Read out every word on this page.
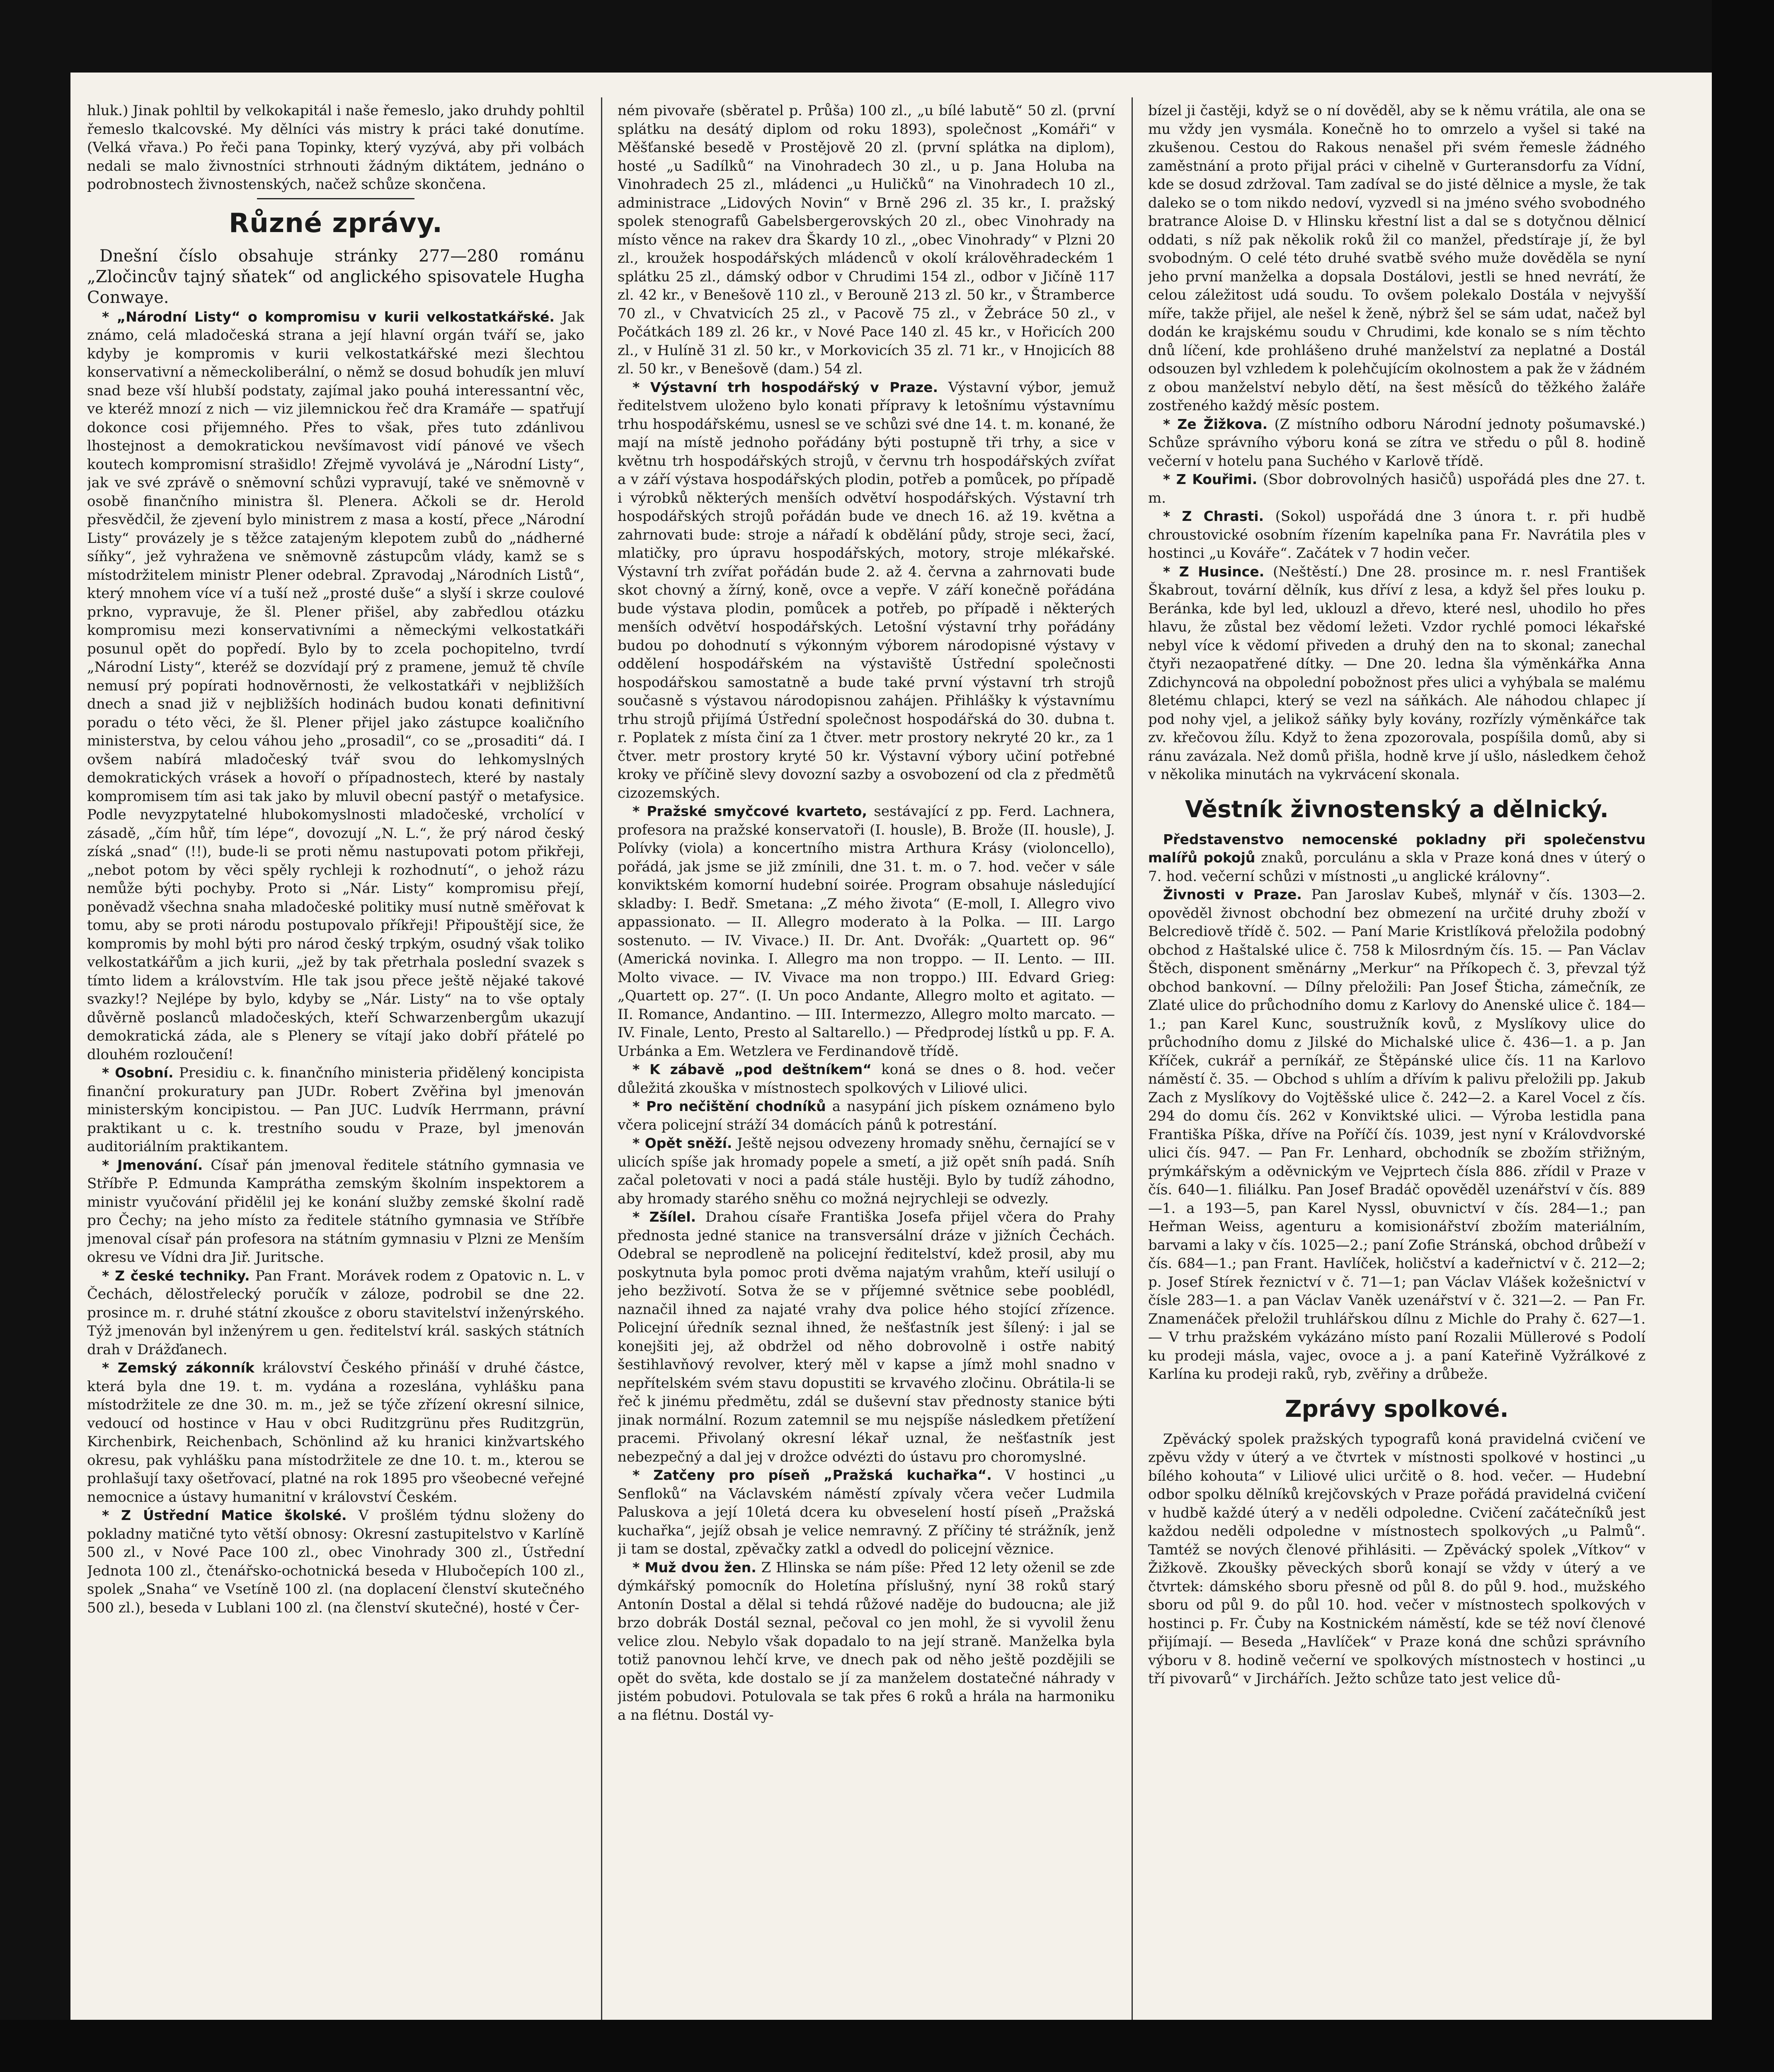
hluk.) Jinak pohltil by velkokapitál i naše řemeslo, jako druhdy pohltil řemeslo tkalcovské. My dělníci vás mistry k práci také donutíme. (Velká vřava.) Po řeči pana Topinky, který vyzývá, aby při volbách nedali se malo živnostníci strhnouti žádným diktátem, jednáno o podrobnostech živnostenských, načež schůze skončena.

Různé zprávy.

Dnešní číslo obsahuje stránky 277—280 románu „Zločincův tajný sňatek“ od anglického spisovatele Hugha Conwaye.

* „Národní Listy“ o kompromisu v kurii velkostatkářské. Jak známo, celá mladočeská strana a její hlavní orgán tváří se, jako kdyby je kompromis v kurii velkostatkářské mezi šlechtou konservativní a německoliberální, o němž se dosud bohudík jen mluví snad beze vší hlubší podstaty, zajímal jako pouhá interessantní věc, ve kteréž mnozí z nich — viz jilemnickou řeč dra Kramáře — spatřují dokonce cosi přijemného. Přes to však, přes tuto zdánlivou lhostejnost a demokratickou nevšímavost vidí pánové ve všech koutech kompromisní strašidlo! Zřejmě vyvolává je „Národní Listy“, jak ve své zprávě o sněmovní schůzi vypravují, také ve sněmovně v osobě finančního ministra šl. Plenera. Ačkoli se dr. Herold přesvědčil, že zjevení bylo ministrem z masa a kostí, přece „Národní Listy“ provázely je s těžce zatajeným klepotem zubů do „nádherné síňky“, jež vyhražena ve sněmovně zástupcům vlády, kamž se s místodržitelem ministr Plener odebral. Zpravodaj „Národních Listů“, který mnohem více ví a tuší než „prosté duše“ a slyší i skrze coulové prkno, vypravuje, že šl. Plener přišel, aby zabředlou otázku kompromisu mezi konservativními a německými velkostatkáři posunul opět do popředí. Bylo by to zcela pochopitelno, tvrdí „Národní Listy“, kteréž se dozvídají prý z pramene, jemuž tě chvíle nemusí prý popírati hodnověrnosti, že velkostatkáři v nejbližších dnech a snad již v nejbližších hodinách budou konati definitivní poradu o této věci, že šl. Plener přijel jako zástupce koaličního ministerstva, by celou váhou jeho „prosadil“, co se „prosaditi“ dá. I ovšem nabírá mladočeský tvář svou do lehkomyslných demokratických vrásek a hovoří o případnostech, které by nastaly kompromisem tím asi tak jako by mluvil obecní pastýř o metafysice. Podle nevyzpytatelné hlubokomyslnosti mladočeské, vrcholící v zásadě, „čím hůř, tím lépe“, dovozují „N. L.“, že prý národ český získá „snad“ (!!), bude-li se proti němu nastupovati potom přikřeji, „nebot potom by věci spěly rychleji k rozhodnutí“, o jehož rázu nemůže býti pochyby. Proto si „Nár. Listy“ kompromisu přejí, poněvadž všechna snaha mladočeské politiky musí nutně směřovat k tomu, aby se proti národu postupovalo příkřeji! Připouštějí sice, že kompromis by mohl býti pro národ český trpkým, osudný však toliko velkostatkářům a jich kurii, „jež by tak přetrhala poslední svazek s tímto lidem a královstvím. Hle tak jsou přece ještě nějaké takové svazky!? Nejlépe by bylo, kdyby se „Nár. Listy“ na to vše optaly důvěrně poslanců mladočeských, kteří Schwarzenbergům ukazují demokratická záda, ale s Plenery se vítají jako dobří přátelé po dlouhém rozloučení!

* Osobní. Presidiu c. k. finančního ministeria přidělený koncipista finanční prokuratury pan JUDr. Robert Zvěřina byl jmenován ministerským koncipistou. — Pan JUC. Ludvík Herrmann, právní praktikant u c. k. trestního soudu v Praze, byl jmenován auditoriálním praktikantem.

* Jmenování. Císař pán jmenoval ředitele státního gymnasia ve Stříbře P. Edmunda Kamprátha zemským školním inspektorem a ministr vyučování přidělil jej ke konání služby zemské školní radě pro Čechy; na jeho místo za ředitele státního gymnasia ve Stříbře jmenoval císař pán profesora na státním gymnasiu v Plzni ze Menším okresu ve Vídni dra Jiř. Juritsche.

* Z české techniky. Pan Frant. Morávek rodem z Opatovic n. L. v Čechách, dělostřelecký poručík v záloze, podrobil se dne 22. prosince m. r. druhé státní zkoušce z oboru stavitelství inženýrského. Týž jmenován byl inženýrem u gen. ředitelství král. saských státních drah v Drážďanech.

* Zemský zákonník království Českého přináší v druhé částce, která byla dne 19. t. m. vydána a rozeslána, vyhlášku pana místodržitele ze dne 30. m. m., jež se týče zřízení okresní silnice, vedoucí od hostince v Hau v obci Ruditzgrünu přes Ruditzgrün, Kirchenbirk, Reichenbach, Schönlind až ku hranici kinžvartského okresu, pak vyhlášku pana místodržitele ze dne 10. t. m., kterou se prohlašují taxy ošetřovací, platné na rok 1895 pro všeobecné veřejné nemocnice a ústavy humanitní v království Českém.

* Z Ústřední Matice školské. V prošlém týdnu složeny do pokladny matičné tyto větší obnosy: Okresní zastupitelstvo v Karlíně 500 zl., v Nové Pace 100 zl., obec Vinohrady 300 zl., Ústřední Jednota 100 zl., čtenářsko-ochotnická beseda v Hlubočepích 100 zl., spolek „Snaha“ ve Vsetíně 100 zl. (na doplacení členství skutečného 500 zl.), beseda v Lublani 100 zl. (na členství skutečné), hosté v Čer-

ném pivovaře (sběratel p. Průša) 100 zl., „u bílé labutě“ 50 zl. (první splátku na desátý diplom od roku 1893), společnost „Komáři“ v Měšťanské besedě v Prostějově 20 zl. (první splátka na diplom), hosté „u Sadílků“ na Vinohradech 30 zl., u p. Jana Holuba na Vinohradech 25 zl., mládenci „u Huličků“ na Vinohradech 10 zl., administrace „Lidových Novin“ v Brně 296 zl. 35 kr., I. pražský spolek stenografů Gabelsbergerovských 20 zl., obec Vinohrady na místo věnce na rakev dra Škardy 10 zl., „obec Vinohrady“ v Plzni 20 zl., kroužek hospodářských mládenců v okolí králověhradeckém 1 splátku 25 zl., dámský odbor v Chrudimi 154 zl., odbor v Jičíně 117 zl. 42 kr., v Benešově 110 zl., v Berouně 213 zl. 50 kr., v Štramberce 70 zl., v Chvatvicích 25 zl., v Pacově 75 zl., v Žebráce 50 zl., v Počátkách 189 zl. 26 kr., v Nové Pace 140 zl. 45 kr., v Hořicích 200 zl., v Hulíně 31 zl. 50 kr., v Morkovicích 35 zl. 71 kr., v Hnojicích 88 zl. 50 kr., v Benešově (dam.) 54 zl.

* Výstavní trh hospodářský v Praze. Výstavní výbor, jemuž ředitelstvem uloženo bylo konati přípravy k letošnímu výstavnímu trhu hospodářskému, usnesl se ve schůzi své dne 14. t. m. konané, že mají na místě jednoho pořádány býti postupně tři trhy, a sice v květnu trh hospodářských strojů, v červnu trh hospodářských zvířat a v září výstava hospodářských plodin, potřeb a pomůcek, po případě i výrobků některých menších odvětví hospodářských. Výstavní trh hospodářských strojů pořádán bude ve dnech 16. až 19. května a zahrnovati bude: stroje a nářadí k obdělání půdy, stroje seci, žací, mlatičky, pro úpravu hospodářských, motory, stroje mlékařské. Výstavní trh zvířat pořádán bude 2. až 4. června a zahrnovati bude skot chovný a žírný, koně, ovce a vepře. V září konečně pořádána bude výstava plodin, pomůcek a potřeb, po případě i některých menších odvětví hospodářských. Letošní výstavní trhy pořádány budou po dohodnutí s výkonným výborem národopisné výstavy v oddělení hospodářském na výstaviště Ústřední společnosti hospodářskou samostatně a bude také první výstavní trh strojů současně s výstavou národopisnou zahájen. Přihlášky k výstavnímu trhu strojů přijímá Ústřední společnost hospodářská do 30. dubna t. r. Poplatek z místa činí za 1 čtver. metr prostory nekryté 20 kr., za 1 čtver. metr prostory kryté 50 kr. Výstavní výbory učiní potřebné kroky ve příčině slevy dovozní sazby a osvobození od cla z předmětů cizozemských.

* Pražské smyčcové kvarteto, sestávající z pp. Ferd. Lachnera, profesora na pražské konservatoři (I. housle), B. Brože (II. housle), J. Polívky (viola) a koncertního mistra Arthura Krásy (violoncello), pořádá, jak jsme se již zmínili, dne 31. t. m. o 7. hod. večer v sále konviktském komorní hudební soirée. Program obsahuje následující skladby: I. Bedř. Smetana: „Z mého života“ (E-moll, I. Allegro vivo appassionato. — II. Allegro moderato à la Polka. — III. Largo sostenuto. — IV. Vivace.) II. Dr. Ant. Dvořák: „Quartett op. 96“ (Americká novinka. I. Allegro ma non troppo. — II. Lento. — III. Molto vivace. — IV. Vivace ma non troppo.) III. Edvard Grieg: „Quartett op. 27“. (I. Un poco Andante, Allegro molto et agitato. — II. Romance, Andantino. — III. Intermezzo, Allegro molto marcato. — IV. Finale, Lento, Presto al Saltarello.) — Předprodej lístků u pp. F. A. Urbánka a Em. Wetzlera ve Ferdinandově třídě.

* K zábavě „pod deštníkem“ koná se dnes o 8. hod. večer důležitá zkouška v místnostech spolkových v Liliové ulici.

* Pro nečištění chodníků a nasypání jich pískem oznámeno bylo včera policejní stráží 34 domácích pánů k potrestání.

* Opět sněží. Ještě nejsou odvezeny hromady sněhu, černající se v ulicích spíše jak hromady popele a smetí, a již opět sníh padá. Sníh začal poletovati v noci a padá stále hustěji. Bylo by tudíž záhodno, aby hromady starého sněhu co možná nejrychleji se odvezly.

* Zšílel. Drahou císaře Františka Josefa přijel včera do Prahy přednosta jedné stanice na transversální dráze v jižních Čechách. Odebral se neprodleně na policejní ředitelství, kdež prosil, aby mu poskytnuta byla pomoc proti dvěma najatým vrahům, kteří usilují o jeho bezživotí. Sotva že se v příjemné světnice sebe pooblédl, naznačil ihned za najaté vrahy dva police hého stojící zřízence. Policejní úředník seznal ihned, že nešťastník jest šílený: i jal se konejšiti jej, až obdržel od něho dobrovolně i ostře nabitý šestihlavňový revolver, který měl v kapse a jímž mohl snadno v nepřítelském svém stavu dopustiti se krvavého zločinu. Obrátila-li se řeč k jinému předmětu, zdál se duševní stav přednosty stanice býti jinak normální. Rozum zatemnil se mu nejspíše následkem přetížení pracemi. Přivolaný okresní lékař uznal, že nešťastník jest nebezpečný a dal jej v drožce odvézti do ústavu pro choromyslné.

* Zatčeny pro píseň „Pražská kuchařka“. V hostinci „u Senfloků“ na Václavském náměstí zpívaly včera večer Ludmila Paluskova a její 10letá dcera ku obveselení hostí píseň „Pražská kuchařka“, jejíž obsah je velice nemravný. Z příčiny té strážník, jenž ji tam se dostal, zpěvačky zatkl a odvedl do policejní věznice.

* Muž dvou žen. Z Hlinska se nám píše: Před 12 lety oženil se zde dýmkářský pomocník do Holetína příslušný, nyní 38 roků starý Antonín Dostal a dělal si tehdá růžové naděje do budoucna; ale již brzo dobrák Dostál seznal, pečoval co jen mohl, že si vyvolil ženu velice zlou. Nebylo však dopadalo to na její straně. Manželka byla totiž panovnou lehčí krve, ve dnech pak od něho ještě pozdějili se opět do světa, kde dostalo se jí za manželem dostatečné náhrady v jistém pobudovi. Potulovala se tak přes 6 roků a hrála na harmoniku a na flétnu. Dostál vy-

bízel ji častěji, když se o ní dověděl, aby se k němu vrátila, ale ona se mu vždy jen vysmála. Konečně ho to omrzelo a vyšel si také na zkušenou. Cestou do Rakous nenašel při svém řemesle žádného zaměstnání a proto přijal práci v cihelně v Gurteransdorfu za Vídní, kde se dosud zdržoval. Tam zadíval se do jisté dělnice a mysle, že tak daleko se o tom nikdo nedoví, vyzvedl si na jméno svého svobodného bratrance Aloise D. v Hlinsku křestní list a dal se s dotyčnou dělnicí oddati, s níž pak několik roků žil co manžel, předstíraje jí, že byl svobodným. O celé této druhé svatbě svého muže dověděla se nyní jeho první manželka a dopsala Dostálovi, jestli se hned nevrátí, že celou záležitost udá soudu. To ovšem polekalo Dostála v nejvyšší míře, takže přijel, ale nešel k ženě, nýbrž šel se sám udat, načež byl dodán ke krajskému soudu v Chrudimi, kde konalo se s ním těchto dnů líčení, kde prohlášeno druhé manželství za neplatné a Dostál odsouzen byl vzhledem k polehčujícím okolnostem a pak že v žádném z obou manželství nebylo dětí, na šest měsíců do těžkého žaláře zostřeného každý měsíc postem.

* Ze Žižkova. (Z místního odboru Národní jednoty pošumavské.) Schůze správního výboru koná se zítra ve středu o půl 8. hodině večerní v hotelu pana Suchého v Karlově třídě.

* Z Kouřimi. (Sbor dobrovolných hasičů) uspořádá ples dne 27. t. m.

* Z Chrasti. (Sokol) uspořádá dne 3 února t. r. při hudbě chroustovické osobním řízením kapelníka pana Fr. Navrátila ples v hostinci „u Kováře“. Začátek v 7 hodin večer.

* Z Husince. (Neštěstí.) Dne 28. prosince m. r. nesl František Škabrout, tovární dělník, kus dříví z lesa, a když šel přes louku p. Beránka, kde byl led, uklouzl a dřevo, které nesl, uhodilo ho přes hlavu, že zůstal bez vědomí ležeti. Vzdor rychlé pomoci lékařské nebyl více k vědomí přiveden a druhý den na to skonal; zanechal čtyři nezaopatřené dítky. — Dne 20. ledna šla výměnkářka Anna Zdichyncová na obpolední pobožnost přes ulici a vyhýbala se malému 8letému chlapci, který se vezl na sáňkách. Ale náhodou chlapec jí pod nohy vjel, a jelikož sáňky byly kovány, rozřízly výměnkářce tak zv. křečovou žílu. Když to žena zpozorovala, pospíšila domů, aby si ránu zavázala. Než domů přišla, hodně krve jí ušlo, následkem čehož v několika minutách na vykrvácení skonala.

Věstník živnostenský a dělnický.

Představenstvo nemocenské pokladny při společenstvu malířů pokojů znaků, porculánu a skla v Praze koná dnes v úterý o 7. hod. večerní schůzi v místnosti „u anglické královny“.

Živnosti v Praze. Pan Jaroslav Kubeš, mlynář v čís. 1303—2. opověděl živnost obchodní bez obmezení na určité druhy zboží v Belcrediově třídě č. 502. — Paní Marie Kristlíková přeložila podobný obchod z Haštalské ulice č. 758 k Milosrdným čís. 15. — Pan Václav Štěch, disponent směnárny „Merkur“ na Příkopech č. 3, převzal týž obchod bankovní. — Dílny přeložili: Pan Josef Šticha, zámečník, ze Zlaté ulice do průchodního domu z Karlovy do Anenské ulice č. 184—1.; pan Karel Kunc, soustružník kovů, z Myslíkovy ulice do průchodního domu z Jilské do Michalské ulice č. 436—1. a p. Jan Kříček, cukrář a perníkář, ze Štěpánské ulice čís. 11 na Karlovo náměstí č. 35. — Obchod s uhlím a dřívím k palivu přeložili pp. Jakub Zach z Myslíkovy do Vojtěšské ulice č. 242—2. a Karel Vocel z čís. 294 do domu čís. 262 v Konviktské ulici. — Výroba lestidla pana Františka Píška, dříve na Poříčí čís. 1039, jest nyní v Královdvorské ulici čís. 947. — Pan Fr. Lenhard, obchodník se zbožím střižným, prýmkářským a oděvnickým ve Vejprtech čísla 886. zřídil v Praze v čís. 640—1. filiálku. Pan Josef Bradáč opověděl uzenářství v čís. 889—1. a 193—5, pan Karel Nyssl, obuvnictví v čís. 284—1.; pan Heřman Weiss, agenturu a komisionářství zbožím materiálním, barvami a laky v čís. 1025—2.; paní Zofie Stránská, obchod drůbeží v čís. 684—1.; pan Frant. Havlíček, holičství a kadeřnictví v č. 212—2; p. Josef Stírek řeznictví v č. 71—1; pan Václav Vlášek kožešnictví v čísle 283—1. a pan Václav Vaněk uzenářství v č. 321—2. — Pan Fr. Znamenáček přeložil truhlářskou dílnu z Michle do Prahy č. 627—1. — V trhu pražském vykázáno místo paní Rozalii Müllerové s Podolí ku prodeji másla, vajec, ovoce a j. a paní Kateřině Vyžrálkové z Karlína ku prodeji raků, ryb, zvěřiny a drůbeže.

Zprávy spolkové.

Zpěvácký spolek pražských typografů koná pravidelná cvičení ve zpěvu vždy v úterý a ve čtvrtek v místnosti spolkové v hostinci „u bílého kohouta“ v Liliové ulici určitě o 8. hod. večer. — Hudební odbor spolku dělníků krejčovských v Praze pořádá pravidelná cvičení v hudbě každé úterý a v neděli odpoledne. Cvičení začátečníků jest každou neděli odpoledne v místnostech spolkových „u Palmů“. Tamtéž se nových členové přihlásiti. — Zpěvácký spolek „Vítkov“ v Žižkově. Zkoušky pěveckých sborů konají se vždy v úterý a ve čtvrtek: dámského sboru přesně od půl 8. do půl 9. hod., mužského sboru od půl 9. do půl 10. hod. večer v místnostech spolkových v hostinci p. Fr. Čuby na Kostnickém náměstí, kde se též noví členové přijímají. — Beseda „Havlíček“ v Praze koná dne schůzi správního výboru v 8. hodině večerní ve spolkových místnostech v hostinci „u tří pivovarů“ v Jirchářích. Ježto schůze tato jest velice dů-
